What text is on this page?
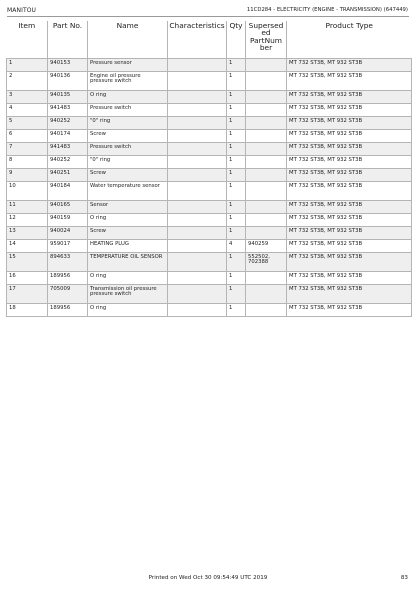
MANITOU	11CD284 - ELECTRICITY (ENGINE - TRANSMISSION) (647449)
Item	Part No.	Name	Characteristics	Qty	Supersed ed PartNum ber	Product Type
1	940153	Pressure sensor		1		MT 732 ST3B, MT 932 ST3B
2	940136	Engine oil pressure pressure switch		1		MT 732 ST3B, MT 932 ST3B
3	940135	O ring		1		MT 732 ST3B, MT 932 ST3B
4	941483	Pressure switch		1		MT 732 ST3B, MT 932 ST3B
5	940252	"0" ring		1		MT 732 ST3B, MT 932 ST3B
6	940174	Screw		1		MT 732 ST3B, MT 932 ST3B
7	941483	Pressure switch		1		MT 732 ST3B, MT 932 ST3B
8	940252	"0" ring		1		MT 732 ST3B, MT 932 ST3B
9	940251	Screw		1		MT 732 ST3B, MT 932 ST3B
10	940184	Water temperature sensor		1		MT 732 ST3B, MT 932 ST3B
11	940165	Sensor		1		MT 732 ST3B, MT 932 ST3B
12	940159	O ring		1		MT 732 ST3B, MT 932 ST3B
13	940024	Screw		1		MT 732 ST3B, MT 932 ST3B
14	959017	HEATING PLUG		4	940259	MT 732 ST3B, MT 932 ST3B
15	894633	TEMPERATURE OIL SENSOR		1	552502, 702388	MT 732 ST3B, MT 932 ST3B
16	189956	O ring		1		MT 732 ST3B, MT 932 ST3B
17	705009	Transmission oil pressure pressure switch		1		MT 732 ST3B, MT 932 ST3B
18	189956	O ring		1		MT 732 ST3B, MT 932 ST3B
Printed on Wed Oct 30 09:54:49 UTC 2019	83
